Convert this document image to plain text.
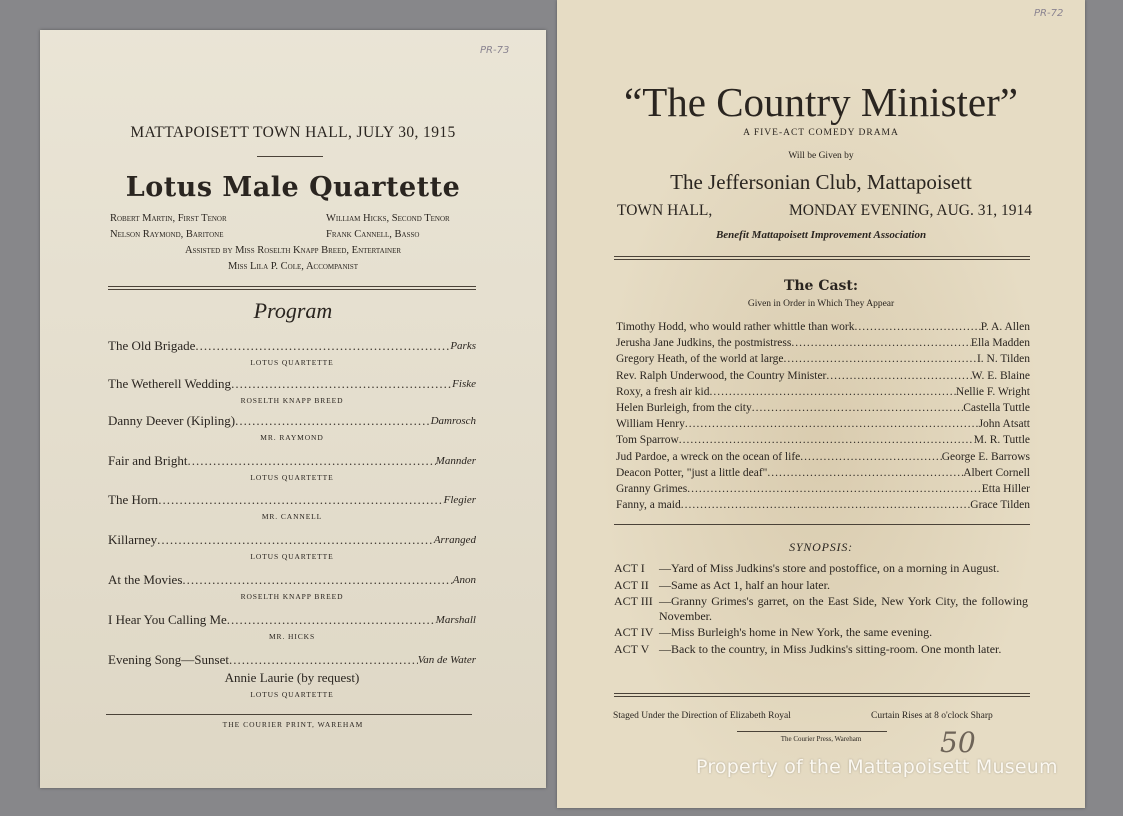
PR-73
MATTAPOISETT TOWN HALL, JULY 30, 1915
Lotus Male Quartette
Robert Martin, First Tenor	William Hicks, Second Tenor
Nelson Raymond, Baritone	Frank Cannell, Basso
Assisted by Miss Roselth Knapp Breed, Entertainer
Miss Lila P. Cole, Accompanist
Program
The Old Brigade .....	Parks
LOTUS QUARTETTE
The Wetherell Wedding .....	Fiske
ROSELTH KNAPP BREED
Danny Deever (Kipling) .....	Damrosch
MR. RAYMOND
Fair and Bright .....	Mannder
LOTUS QUARTETTE
The Horn .....	Flegier
MR. CANNELL
Killarney .....	Arranged
LOTUS QUARTETTE
At the Movies .....	Anon
ROSELTH KNAPP BREED
I Hear You Calling Me .....	Marshall
MR. HICKS
Evening Song—Sunset .....	Van de Water
Annie Laurie (by request)
LOTUS QUARTETTE
THE COURIER PRINT, WAREHAM
PR-72
“The Country Minister”
A FIVE-ACT COMEDY DRAMA
Will be Given by
The Jeffersonian Club, Mattapoisett
TOWN HALL,	MONDAY EVENING, AUG. 31, 1914
Benefit Mattapoisett Improvement Association
The Cast:
Given in Order in Which They Appear
Timothy Hodd, who would rather whittle than work .....	P. A. Allen
Jerusha Jane Judkins, the postmistress .....	Ella Madden
Gregory Heath, of the world at large .....	I. N. Tilden
Rev. Ralph Underwood, the Country Minister .....	W. E. Blaine
Roxy, a fresh air kid .....	Nellie F. Wright
Helen Burleigh, from the city .....	Castella Tuttle
William Henry .....	John Atsatt
Tom Sparrow .....	M. R. Tuttle
Jud Pardoe, a wreck on the ocean of life .....	George E. Barrows
Deacon Potter, "just a little deaf" .....	Albert Cornell
Granny Grimes .....	Etta Hiller
Fanny, a maid .....	Grace Tilden
SYNOPSIS:
ACT I	—Yard of Miss Judkins's store and postoffice, on a morning in August.
ACT II —Same as Act 1, half an hour later.
ACT III —Granny Grimes's garret, on the East Side, New York City, the following November.
ACT IV —Miss Burleigh's home in New York, the same evening.
ACT V —Back to the country, in Miss Judkins's sitting-room. One month later.
Staged Under the Direction of Elizabeth Royal	Curtain Rises at 8 o'clock Sharp
The Courier Press, Wareham	50
Property of the Mattapoisett Museum
